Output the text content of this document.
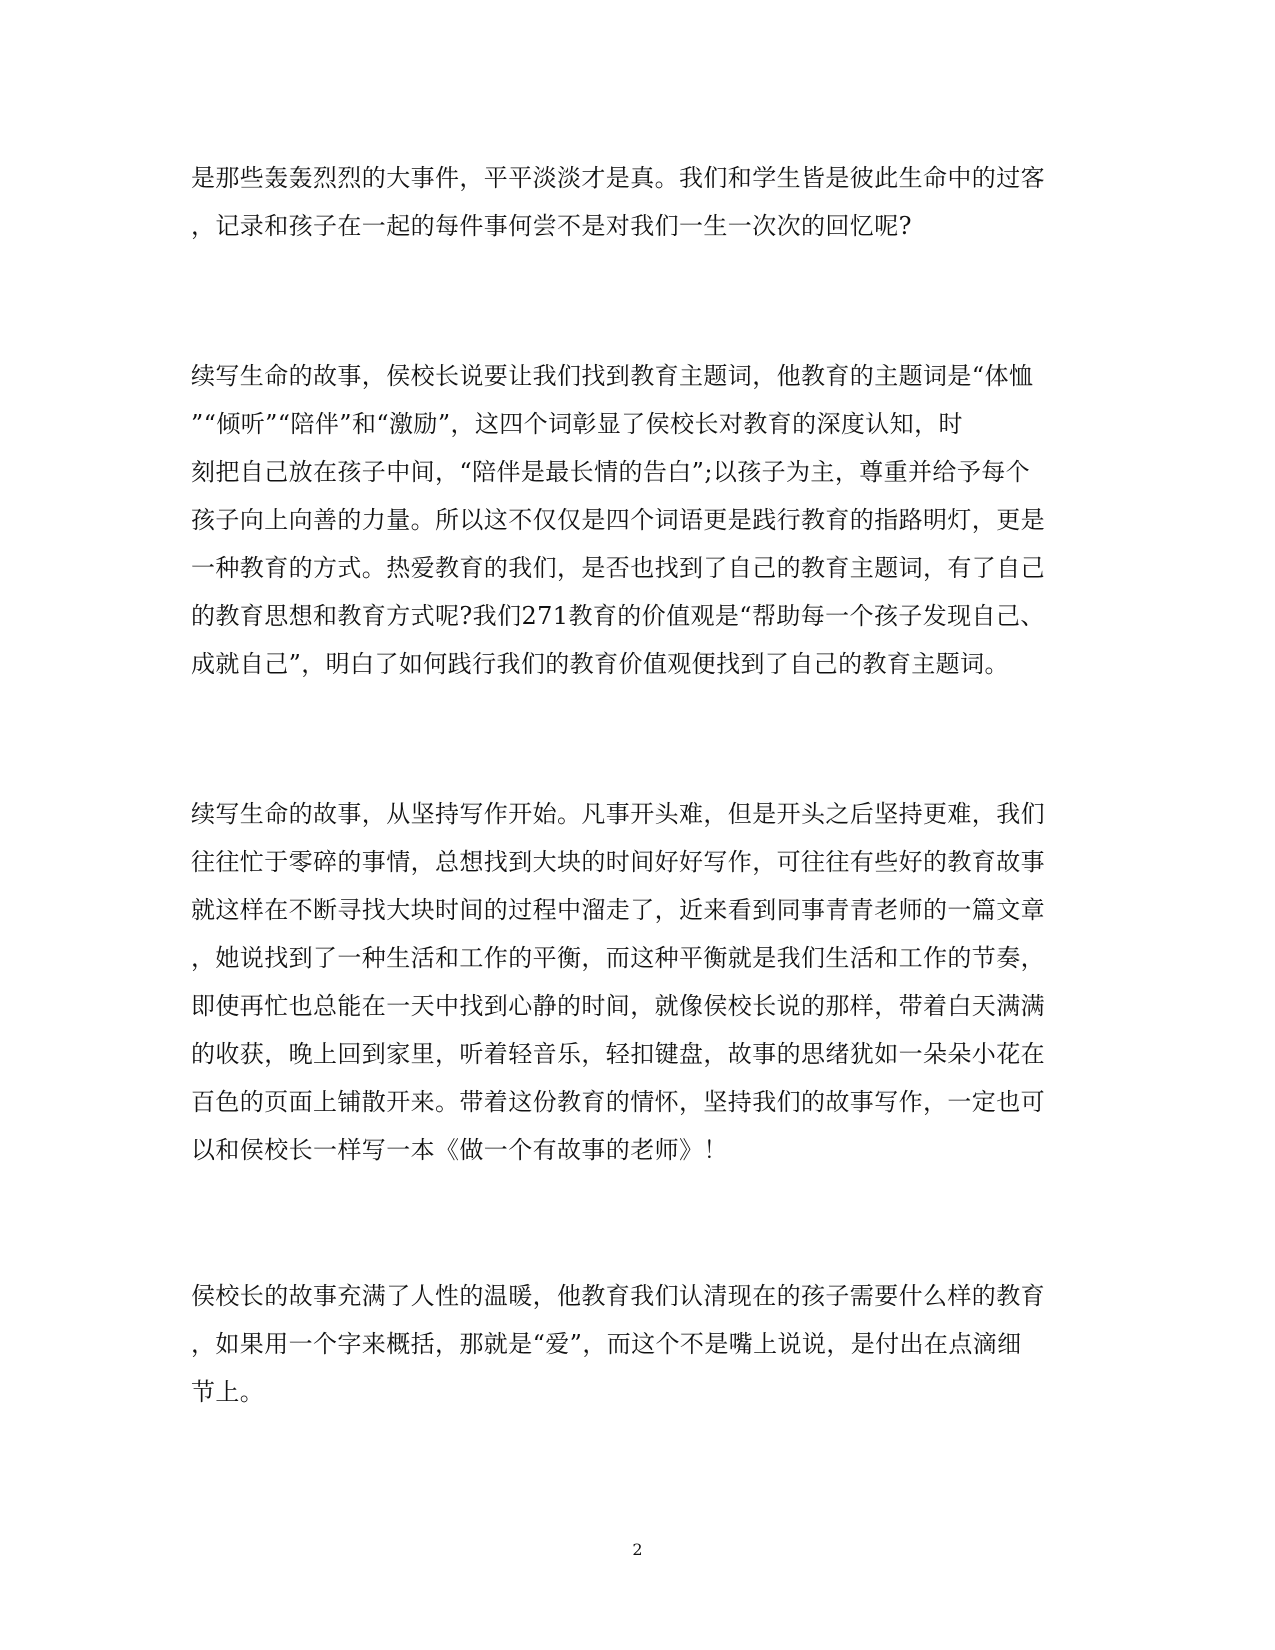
是那些轰轰烈烈的大事件，平平淡淡才是真。我们和学生皆是彼此生命中的过客
，记录和孩子在一起的每件事何尝不是对我们一生一次次的回忆呢?
续写生命的故事，侯校长说要让我们找到教育主题词，他教育的主题词是“体恤
”“倾听”“陪伴”和“激励”，这四个词彰显了侯校长对教育的深度认知，时
刻把自己放在孩子中间，“陪伴是最长情的告白”;以孩子为主，尊重并给予每个
孩子向上向善的力量。所以这不仅仅是四个词语更是践行教育的指路明灯，更是
一种教育的方式。热爱教育的我们，是否也找到了自己的教育主题词，有了自己
的教育思想和教育方式呢?我们271教育的价值观是“帮助每一个孩子发现自己、
成就自己”，明白了如何践行我们的教育价值观便找到了自己的教育主题词。
续写生命的故事，从坚持写作开始。凡事开头难，但是开头之后坚持更难，我们
往往忙于零碎的事情，总想找到大块的时间好好写作，可往往有些好的教育故事
就这样在不断寻找大块时间的过程中溜走了，近来看到同事青青老师的一篇文章
，她说找到了一种生活和工作的平衡，而这种平衡就是我们生活和工作的节奏，
即使再忙也总能在一天中找到心静的时间，就像侯校长说的那样，带着白天满满
的收获，晚上回到家里，听着轻音乐，轻扣键盘，故事的思绪犹如一朵朵小花在
百色的页面上铺散开来。带着这份教育的情怀，坚持我们的故事写作，一定也可
以和侯校长一样写一本《做一个有故事的老师》！
侯校长的故事充满了人性的温暖，他教育我们认清现在的孩子需要什么样的教育
，如果用一个字来概括，那就是“爱”，而这个不是嘴上说说，是付出在点滴细
节上。
2
